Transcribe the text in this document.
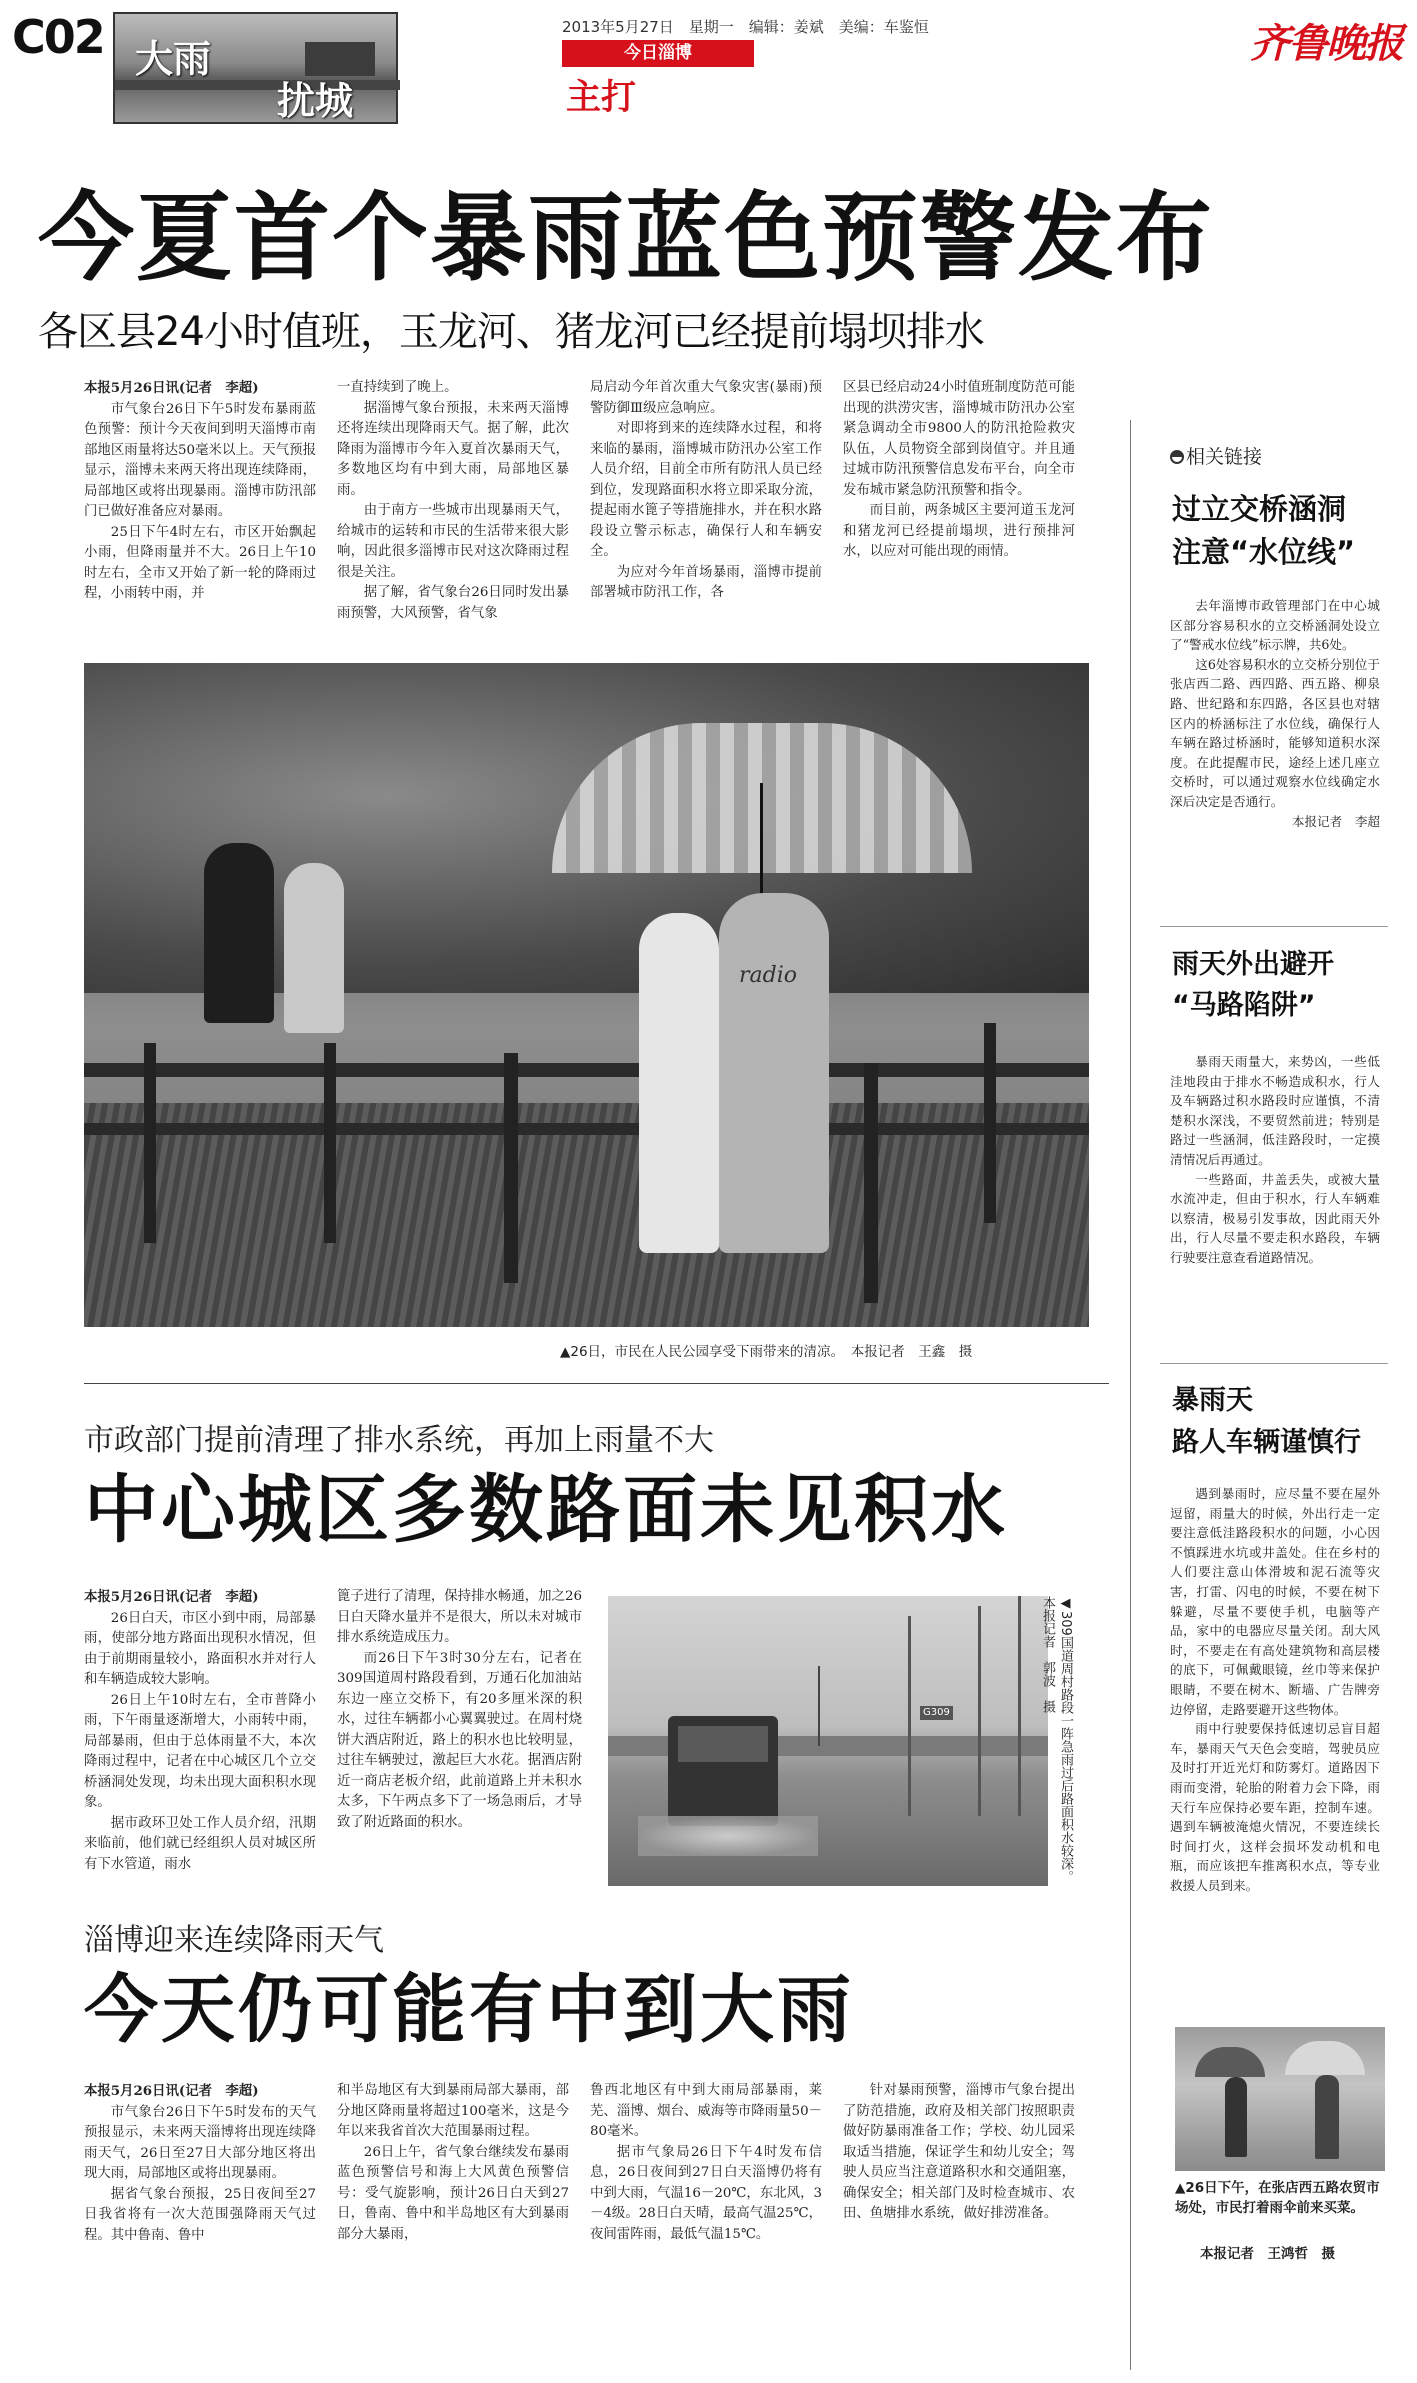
C02 大雨
扰城
2013年5月27日　星期一　编辑：姜斌　美编：车鉴恒
今日淄博
主打
齐鲁晚报
今夏首个暴雨蓝色预警发布
各区县24小时值班，玉龙河、猪龙河已经提前塌坝排水

本报5月26日讯(记者　李超)

市气象台26日下午5时发布暴雨蓝色预警：预计今天夜间到明天淄博市南部地区雨量将达50毫米以上。天气预报显示，淄博未来两天将出现连续降雨，局部地区或将出现暴雨。淄博市防汛部门已做好准备应对暴雨。

25日下午4时左右，市区开始飘起小雨，但降雨量并不大。26日上午10时左右，全市又开始了新一轮的降雨过程，小雨转中雨，并

一直持续到了晚上。

据淄博气象台预报，未来两天淄博还将连续出现降雨天气。据了解，此次降雨为淄博市今年入夏首次暴雨天气，多数地区均有中到大雨，局部地区暴雨。

由于南方一些城市出现暴雨天气，给城市的运转和市民的生活带来很大影响，因此很多淄博市民对这次降雨过程很是关注。

据了解，省气象台26日同时发出暴雨预警，大风预警，省气象

局启动今年首次重大气象灾害(暴雨)预警防御Ⅲ级应急响应。

对即将到来的连续降水过程，和将来临的暴雨，淄博城市防汛办公室工作人员介绍，目前全市所有防汛人员已经到位，发现路面积水将立即采取分流，提起雨水篦子等措施排水，并在积水路段设立警示标志，确保行人和车辆安全。

为应对今年首场暴雨，淄博市提前部署城市防汛工作，各

区县已经启动24小时值班制度防范可能出现的洪涝灾害，淄博城市防汛办公室紧急调动全市9800人的防汛抢险救灾队伍，人员物资全部到岗值守。并且通过城市防汛预警信息发布平台，向全市发布城市紧急防汛预警和指令。

而目前，两条城区主要河道玉龙河和猪龙河已经提前塌坝，进行预排河水，以应对可能出现的雨情。

radio
▲26日，市民在人民公园享受下雨带来的清凉。　本报记者　王鑫　摄
市政部门提前清理了排水系统，再加上雨量不大
中心城区多数路面未见积水

本报5月26日讯(记者　李超)

26日白天，市区小到中雨，局部暴雨，使部分地方路面出现积水情况，但由于前期雨量较小，路面积水并对行人和车辆造成较大影响。

26日上午10时左右，全市普降小雨，下午雨量逐渐增大，小雨转中雨，局部暴雨，但由于总体雨量不大，本次降雨过程中，记者在中心城区几个立交桥涵洞处发现，均未出现大面积积水现象。

据市政环卫处工作人员介绍，汛期来临前，他们就已经组织人员对城区所有下水管道，雨水

篦子进行了清理，保持排水畅通，加之26日白天降水量并不是很大，所以未对城市排水系统造成压力。

而26日下午3时30分左右，记者在309国道周村路段看到，万通石化加油站东边一座立交桥下，有20多厘米深的积水，过往车辆都小心翼翼驶过。在周村烧饼大酒店附近，路上的积水也比较明显，过往车辆驶过，激起巨大水花。据酒店附近一商店老板介绍，此前道路上并未积水太多，下午两点多下了一场急雨后，才导致了附近路面的积水。

G309	◀309国道周村路段一阵急雨过后路面积水较深。　本报记者　郭波　摄
淄博迎来连续降雨天气
今天仍可能有中到大雨

本报5月26日讯(记者　李超)

市气象台26日下午5时发布的天气预报显示，未来两天淄博将出现连续降雨天气，26日至27日大部分地区将出现大雨，局部地区或将出现暴雨。

据省气象台预报，25日夜间至27日我省将有一次大范围强降雨天气过程。其中鲁南、鲁中

和半岛地区有大到暴雨局部大暴雨，部分地区降雨量将超过100毫米，这是今年以来我省首次大范围暴雨过程。

26日上午，省气象台继续发布暴雨蓝色预警信号和海上大风黄色预警信号：受气旋影响，预计26日白天到27日，鲁南、鲁中和半岛地区有大到暴雨部分大暴雨，

鲁西北地区有中到大雨局部暴雨，莱芜、淄博、烟台、威海等市降雨量50－80毫米。

据市气象局26日下午4时发布信息，26日夜间到27日白天淄博仍将有中到大雨，气温16－20℃，东北风，3－4级。28日白天晴，最高气温25℃，夜间雷阵雨，最低气温15℃。

针对暴雨预警，淄博市气象台提出了防范措施，政府及相关部门按照职责做好防暴雨准备工作；学校、幼儿园采取适当措施，保证学生和幼儿安全；驾驶人员应当注意道路积水和交通阻塞，确保安全；相关部门及时检查城市、农田、鱼塘排水系统，做好排涝准备。

相关链接
过立交桥涵洞
注意“水位线”

去年淄博市政管理部门在中心城区部分容易积水的立交桥涵洞处设立了“警戒水位线”标示牌，共6处。

这6处容易积水的立交桥分别位于张店西二路、西四路、西五路、柳泉路、世纪路和东四路，各区县也对辖区内的桥涵标注了水位线，确保行人车辆在路过桥涵时，能够知道积水深度。在此提醒市民，途经上述几座立交桥时，可以通过观察水位线确定水深后决定是否通行。

本报记者　李超

雨天外出避开
“马路陷阱”

暴雨天雨量大，来势凶，一些低洼地段由于排水不畅造成积水，行人及车辆路过积水路段时应谨慎，不清楚积水深浅，不要贸然前进；特别是路过一些涵洞，低洼路段时，一定摸清情况后再通过。

一些路面，井盖丢失，或被大量水流冲走，但由于积水，行人车辆难以察清，极易引发事故，因此雨天外出，行人尽量不要走积水路段，车辆行驶要注意查看道路情况。

暴雨天
路人车辆谨慎行

遇到暴雨时，应尽量不要在屋外逗留，雨量大的时候，外出行走一定要注意低洼路段积水的问题，小心因不慎踩进水坑或井盖处。住在乡村的人们要注意山体滑坡和泥石流等灾害，打雷、闪电的时候，不要在树下躲避，尽量不要使手机，电脑等产品，家中的电器应尽量关闭。刮大风时，不要走在有高处建筑物和高层楼的底下，可佩戴眼镜，丝巾等来保护眼睛，不要在树木、断墙、广告牌旁边停留，走路要避开这些物体。

雨中行驶要保持低速切忌盲目超车，暴雨天气天色会变暗，驾驶员应及时打开近光灯和防雾灯。道路因下雨而变滑，轮胎的附着力会下降，雨天行车应保持必要车距，控制车速。遇到车辆被淹熄火情况，不要连续长时间打火，这样会损坏发动机和电瓶，而应该把车推离积水点，等专业救援人员到来。

▲26日下午，在张店西五路农贸市场处，市民打着雨伞前来买菜。
本报记者　王鸿哲　摄
